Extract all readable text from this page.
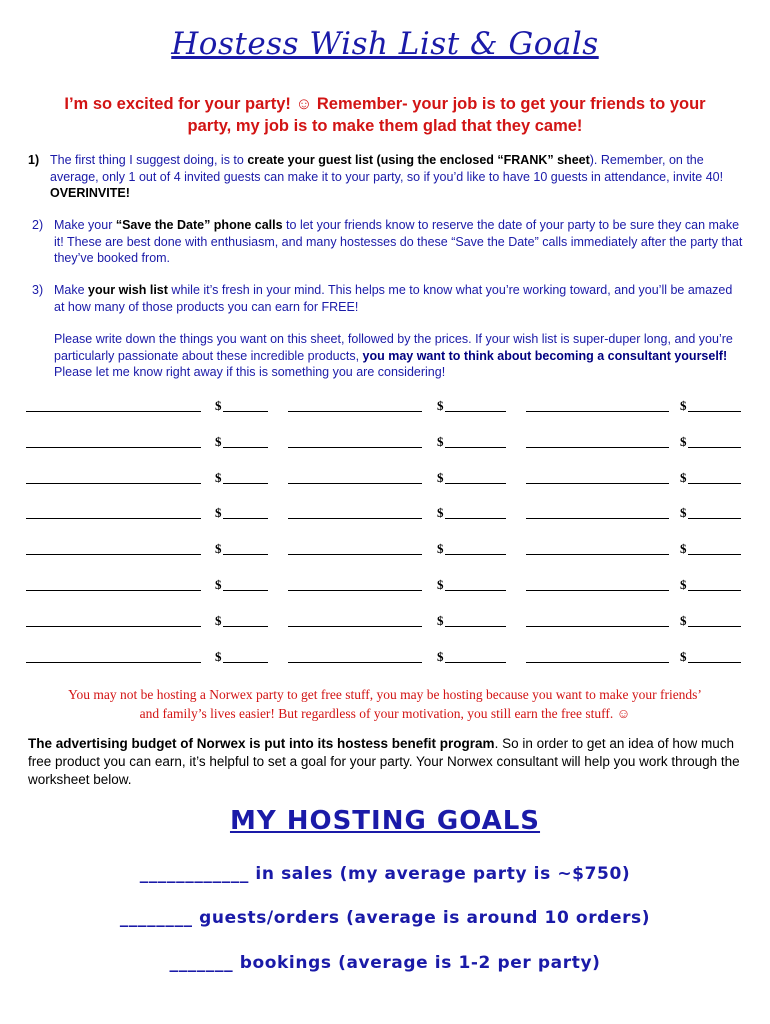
Hostess Wish List & Goals
I’m so excited for your party! ☺ Remember- your job is to get your friends to your
party, my job is to make them glad that they came!
1) The first thing I suggest doing, is to create your guest list (using the enclosed “FRANK” sheet). Remember, on the average, only 1 out of 4 invited guests can make it to your party, so if you’d like to have 10 guests in attendance, invite 40! OVERINVITE!
2) Make your “Save the Date” phone calls to let your friends know to reserve the date of your party to be sure they can make it! These are best done with enthusiasm, and many hostesses do these “Save the Date” calls immediately after the party that they’ve booked from.
3) Make your wish list while it’s fresh in your mind. This helps me to know what you’re working toward, and you’ll be amazed at how many of those products you can earn for FREE!
Please write down the things you want on this sheet, followed by the prices. If your wish list is super-duper long, and you’re particularly passionate about these incredible products, you may want to think about becoming a consultant yourself! Please let me know right away if this is something you are considering!
$	$	$
$	$	$
$	$	$
$	$	$
$	$	$
$	$	$
$	$	$
$	$	$
You may not be hosting a Norwex party to get free stuff, you may be hosting because you want to make your friends’
and family’s lives easier! But regardless of your motivation, you still earn the free stuff. ☺
The advertising budget of Norwex is put into its hostess benefit program. So in order to get an idea of how much free product you can earn, it’s helpful to set a goal for your party. Your Norwex consultant will help you work through the worksheet below.
MY HOSTING GOALS
____________ in sales (my average party is ~$750)
________ guests/orders (average is around 10 orders)
_______ bookings (average is 1-2 per party)
